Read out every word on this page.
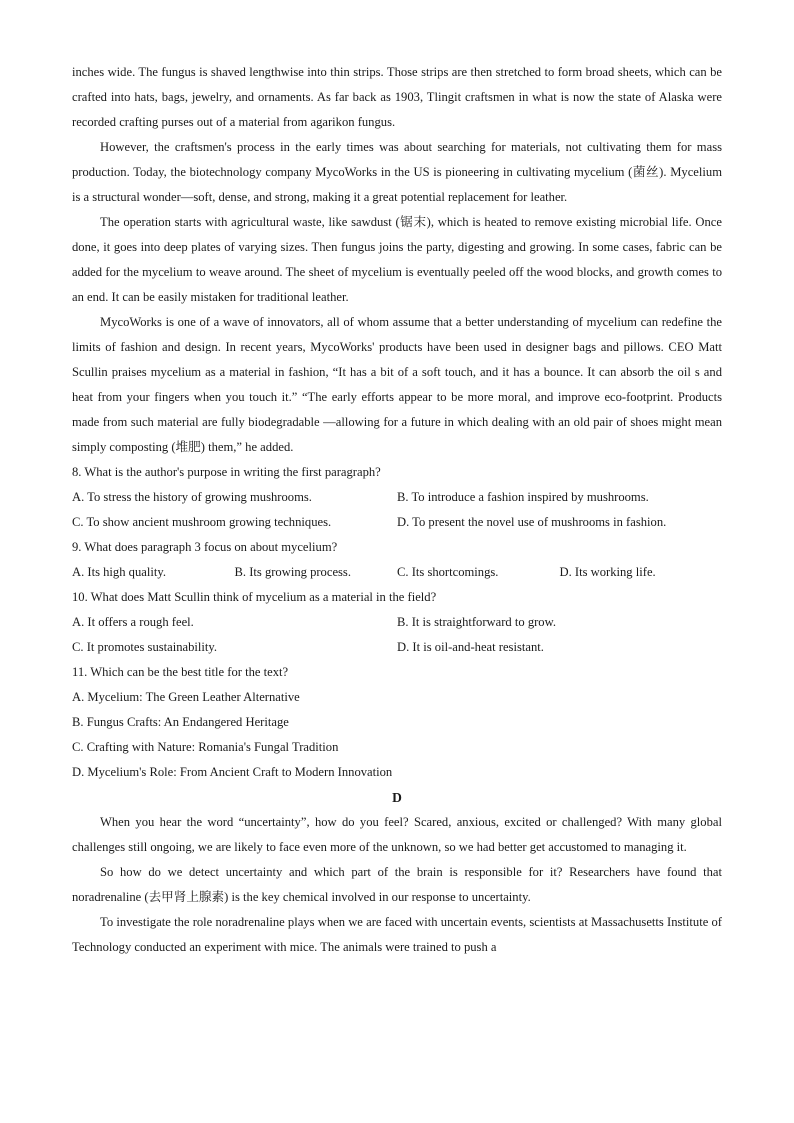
inches wide. The fungus is shaved lengthwise into thin strips. Those strips are then stretched to form broad sheets, which can be crafted into hats, bags, jewelry, and ornaments. As far back as 1903, Tlingit craftsmen in what is now the state of Alaska were recorded crafting purses out of a material from agarikon fungus.

However, the craftsmen's process in the early times was about searching for materials, not cultivating them for mass production. Today, the biotechnology company MycoWorks in the US is pioneering in cultivating mycelium (菌丝). Mycelium is a structural wonder—soft, dense, and strong, making it a great potential replacement for leather.

The operation starts with agricultural waste, like sawdust (锯末), which is heated to remove existing microbial life. Once done, it goes into deep plates of varying sizes. Then fungus joins the party, digesting and growing. In some cases, fabric can be added for the mycelium to weave around. The sheet of mycelium is eventually peeled off the wood blocks, and growth comes to an end. It can be easily mistaken for traditional leather.

MycoWorks is one of a wave of innovators, all of whom assume that a better understanding of mycelium can redefine the limits of fashion and design. In recent years, MycoWorks' products have been used in designer bags and pillows. CEO Matt Scullin praises mycelium as a material in fashion, “It has a bit of a soft touch, and it has a bounce. It can absorb the oil s and heat from your fingers when you touch it.” “The early efforts appear to be more moral, and improve eco-footprint. Products made from such material are fully biodegradable —allowing for a future in which dealing with an old pair of shoes might mean simply composting (堆肥) them,” he added.

8. What is the author's purpose in writing the first paragraph?

A. To stress the history of growing mushrooms.	B. To introduce a fashion inspired by mushrooms.
C. To show ancient mushroom growing techniques.	D. To present the novel use of mushrooms in fashion.

9. What does paragraph 3 focus on about mycelium?

A. Its high quality.	B. Its growing process.	C. Its shortcomings.	D. Its working life.

10. What does Matt Scullin think of mycelium as a material in the field?

A. It offers a rough feel.	B. It is straightforward to grow.
C. It promotes sustainability.	D. It is oil-and-heat resistant.

11. Which can be the best title for the text?

A. Mycelium: The Green Leather Alternative
B. Fungus Crafts: An Endangered Heritage
C. Crafting with Nature: Romania's Fungal Tradition
D. Mycelium's Role: From Ancient Craft to Modern Innovation

D

When you hear the word “uncertainty”, how do you feel? Scared, anxious, excited or challenged? With many global challenges still ongoing, we are likely to face even more of the unknown, so we had better get accustomed to managing it.

So how do we detect uncertainty and which part of the brain is responsible for it? Researchers have found that noradrenaline (去甲肾上腺素) is the key chemical involved in our response to uncertainty.

To investigate the role noradrenaline plays when we are faced with uncertain events, scientists at Massachusetts Institute of Technology conducted an experiment with mice. The animals were trained to push a
